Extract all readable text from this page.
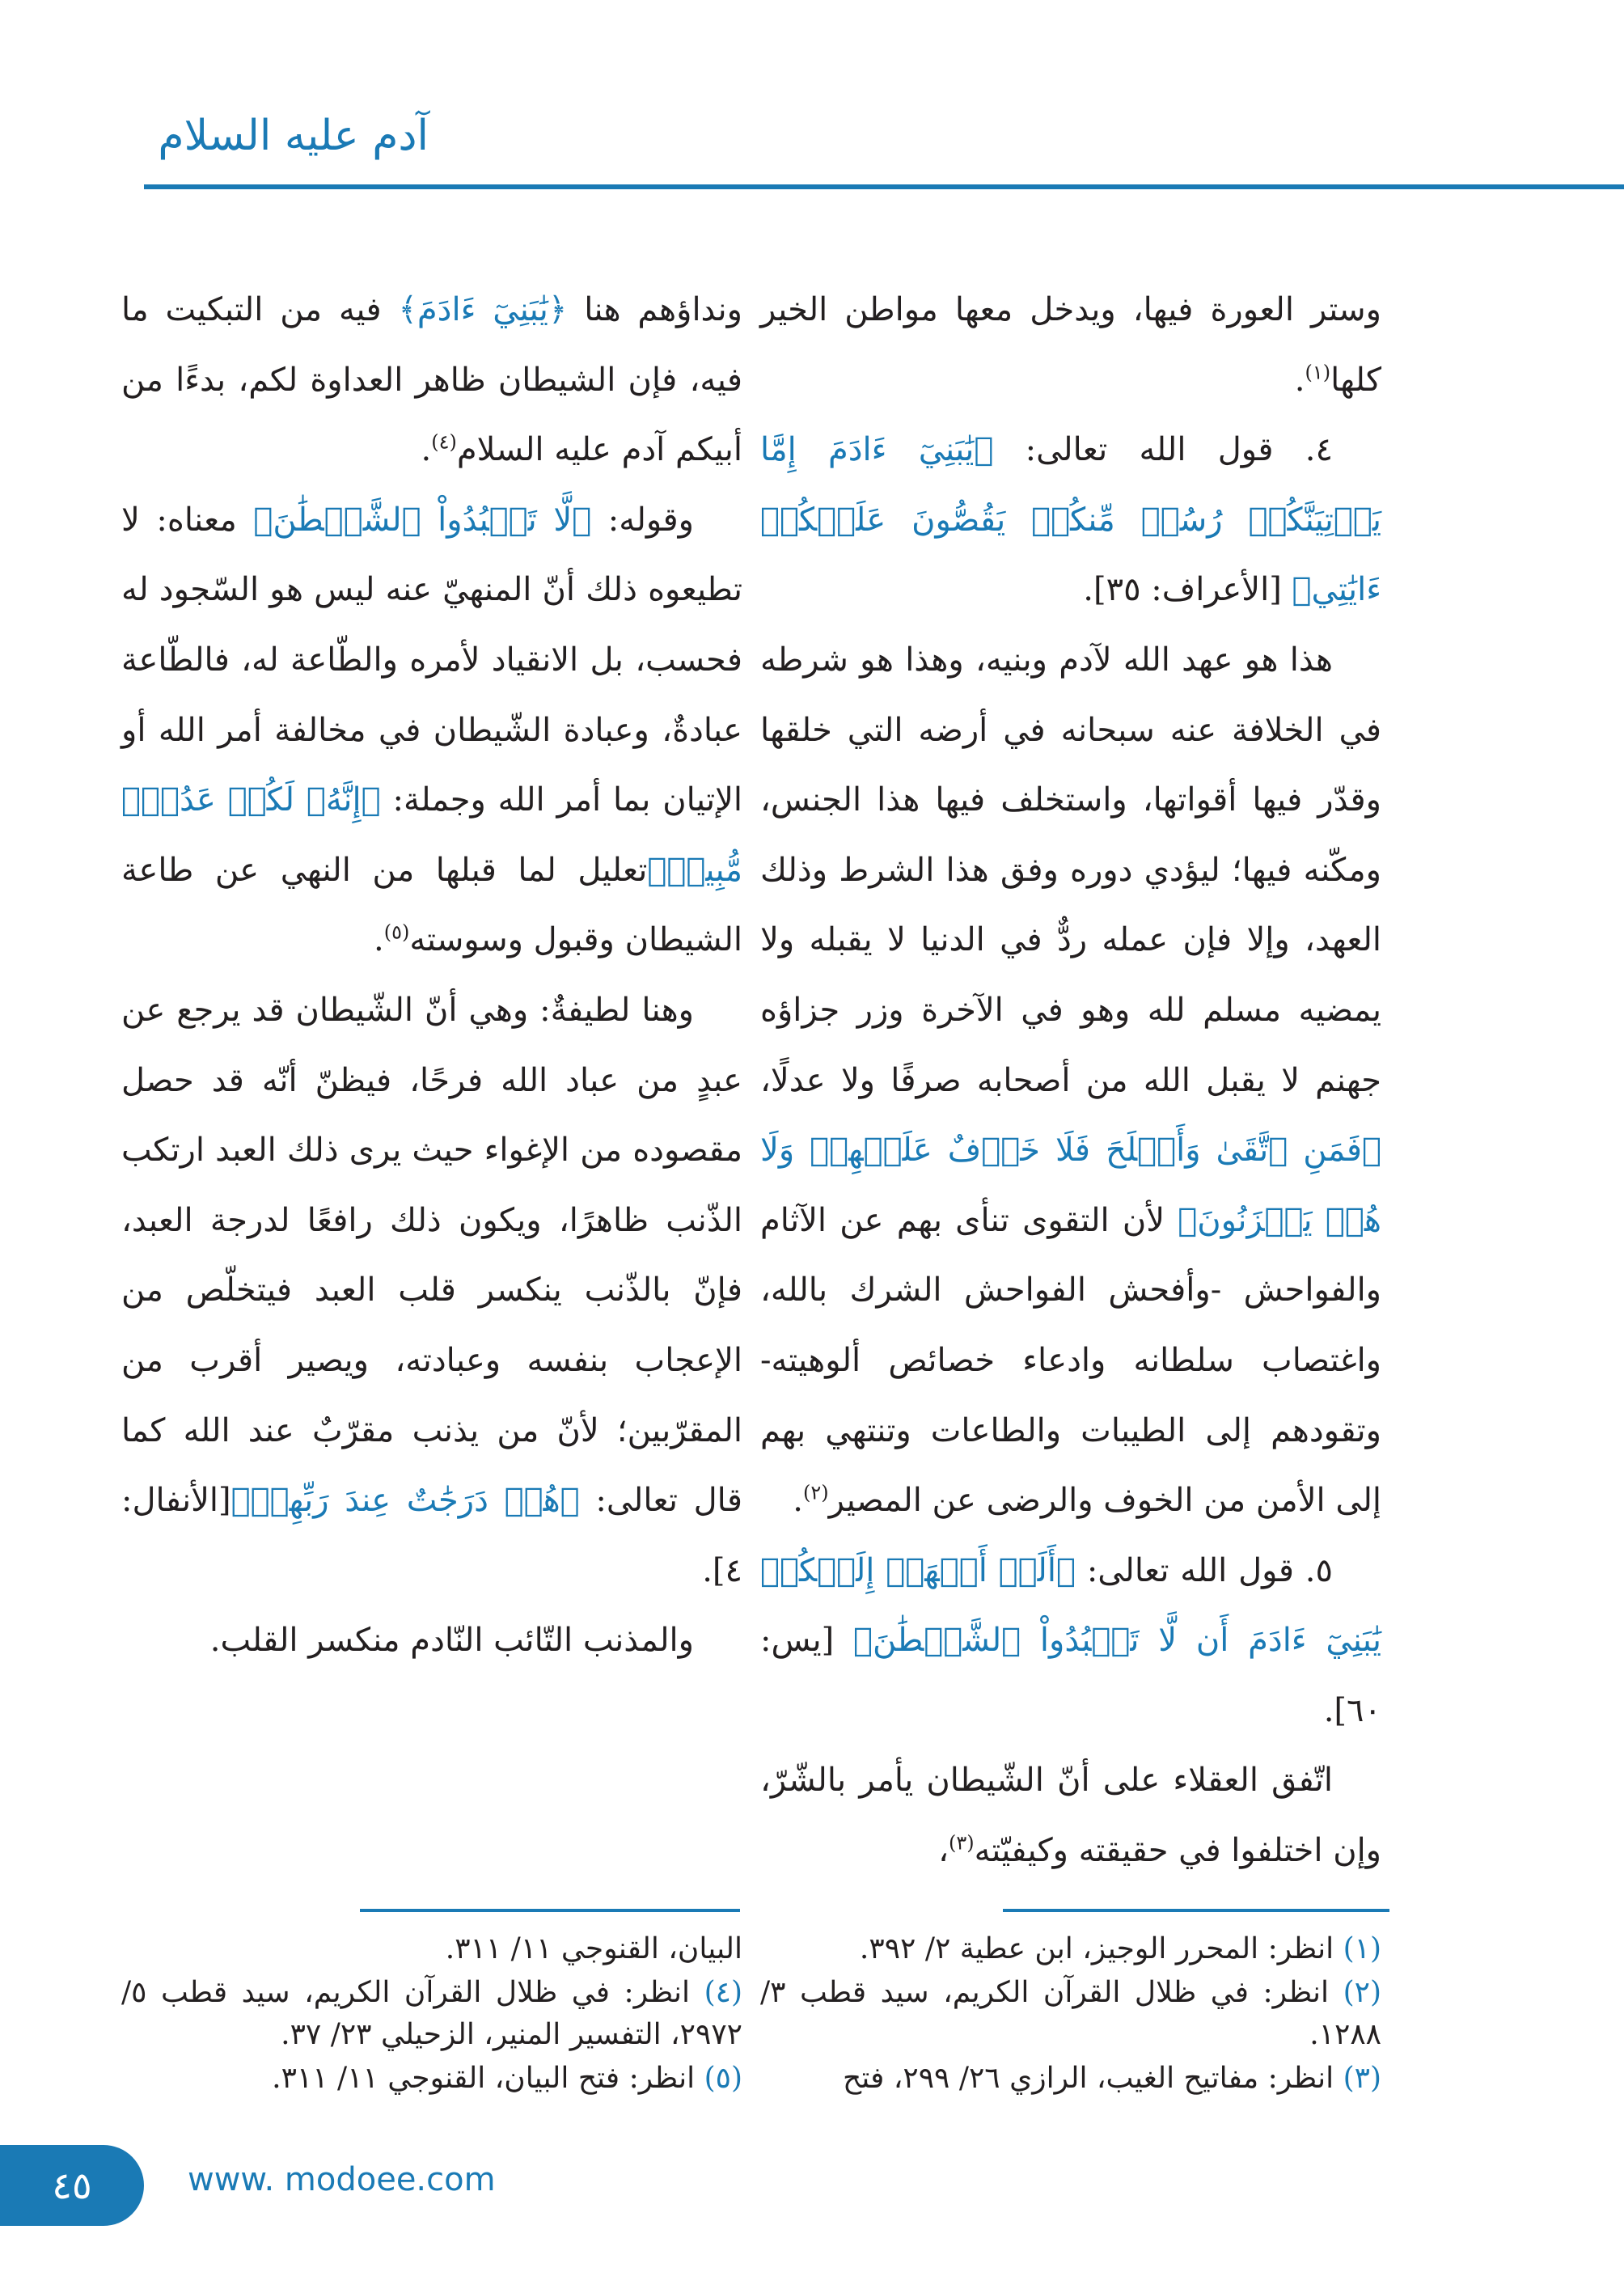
آدم عليه السلام

وستر العورة فيها، ويدخل معها مواطن الخير كلها$^{(١)}$.

٤. قول الله تعالى: ﴿يَٰبَنِيٓ ءَادَمَ إِمَّا يَأۡتِيَنَّكُمۡ رُسُلٞ مِّنكُمۡ يَقُصُّونَ عَلَيۡكُمۡ ءَايَٰتِي﴾ [الأعراف: ٣٥].

هذا هو عهد الله لآدم وبنيه، وهذا هو شرطه في الخلافة عنه سبحانه في أرضه التي خلقها وقدّر فيها أقواتها، واستخلف فيها هذا الجنس، ومكّنه فيها؛ ليؤدي دوره وفق هذا الشرط وذلك العهد، وإلا فإن عمله ردٌّ في الدنيا لا يقبله ولا يمضيه مسلم لله وهو في الآخرة وزر جزاؤه جهنم لا يقبل الله من أصحابه صرفًا ولا عدلًا، ﴿فَمَنِ ٱتَّقَىٰ وَأَصۡلَحَ فَلَا خَوۡفٌ عَلَيۡهِمۡ وَلَا هُمۡ يَحۡزَنُونَ﴾ لأن التقوى تنأى بهم عن الآثام والفواحش -وأفحش الفواحش الشرك بالله، واغتصاب سلطانه وادعاء خصائص ألوهيته- وتقودهم إلى الطيبات والطاعات وتنتهي بهم إلى الأمن من الخوف والرضى عن المصير$^{(٢)}$.

٥. قول الله تعالى: ﴿أَلَمۡ أَعۡهَدۡ إِلَيۡكُمۡ يَٰبَنِيٓ ءَادَمَ أَن لَّا تَعۡبُدُواْ ٱلشَّيۡطَٰنَ﴾ [يس: ٦٠].

اتّفق العقلاء على أنّ الشّيطان يأمر بالشّرّ، وإن اختلفوا في حقيقته وكيفيّته$^{(٣)}$،

ونداؤهم هنا ﴿يَٰبَنِيٓ ءَادَمَ﴾ فيه من التبكيت ما فيه، فإن الشيطان ظاهر العداوة لكم، بدءًا من أبيكم آدم عليه السلام$^{(٤)}$.

وقوله: ﴿لَّا تَعۡبُدُواْ ٱلشَّيۡطَٰنَ﴾ معناه: لا تطيعوه ذلك أنّ المنهيّ عنه ليس هو السّجود له فحسب، بل الانقياد لأمره والطّاعة له، فالطّاعة عبادةٌ، وعبادة الشّيطان في مخالفة أمر الله أو الإتيان بما أمر الله وجملة: ﴿إِنَّهُۥ لَكُمۡ عَدُوّٞ مُّبِينٞ﴾تعليل لما قبلها من النهي عن طاعة الشيطان وقبول وسوسته$^{(٥)}$.

وهنا لطيفةٌ: وهي أنّ الشّيطان قد يرجع عن عبدٍ من عباد الله فرحًا، فيظنّ أنّه قد حصل مقصوده من الإغواء حيث يرى ذلك العبد ارتكب الذّنب ظاهرًا، ويكون ذلك رافعًا لدرجة العبد، فإنّ بالذّنب ينكسر قلب العبد فيتخلّص من الإعجاب بنفسه وعبادته، ويصير أقرب من المقرّبين؛ لأنّ من يذنب مقرّبٌ عند الله كما قال تعالى: ﴿هُمۡ دَرَجَٰتٌ عِندَ رَبِّهِمۡ﴾[الأنفال: ٤].

والمذنب التّائب النّادم منكسر القلب.

(١) انظر: المحرر الوجيز، ابن عطية ٢/ ٣٩٢.

(٢) انظر: في ظلال القرآن الكريم، سيد قطب ٣/ ١٢٨٨.

(٣) انظر: مفاتيح الغيب، الرازي ٢٦/ ٢٩٩، فتح

البيان، القنوجي ١١/ ٣١١.

(٤) انظر: في ظلال القرآن الكريم، سيد قطب ٥/ ٢٩٧٢، التفسير المنير، الزحيلي ٢٣/ ٣٧.

(٥) انظر: فتح البيان، القنوجي ١١/ ٣١١.

٤٥	www. modoee.com
